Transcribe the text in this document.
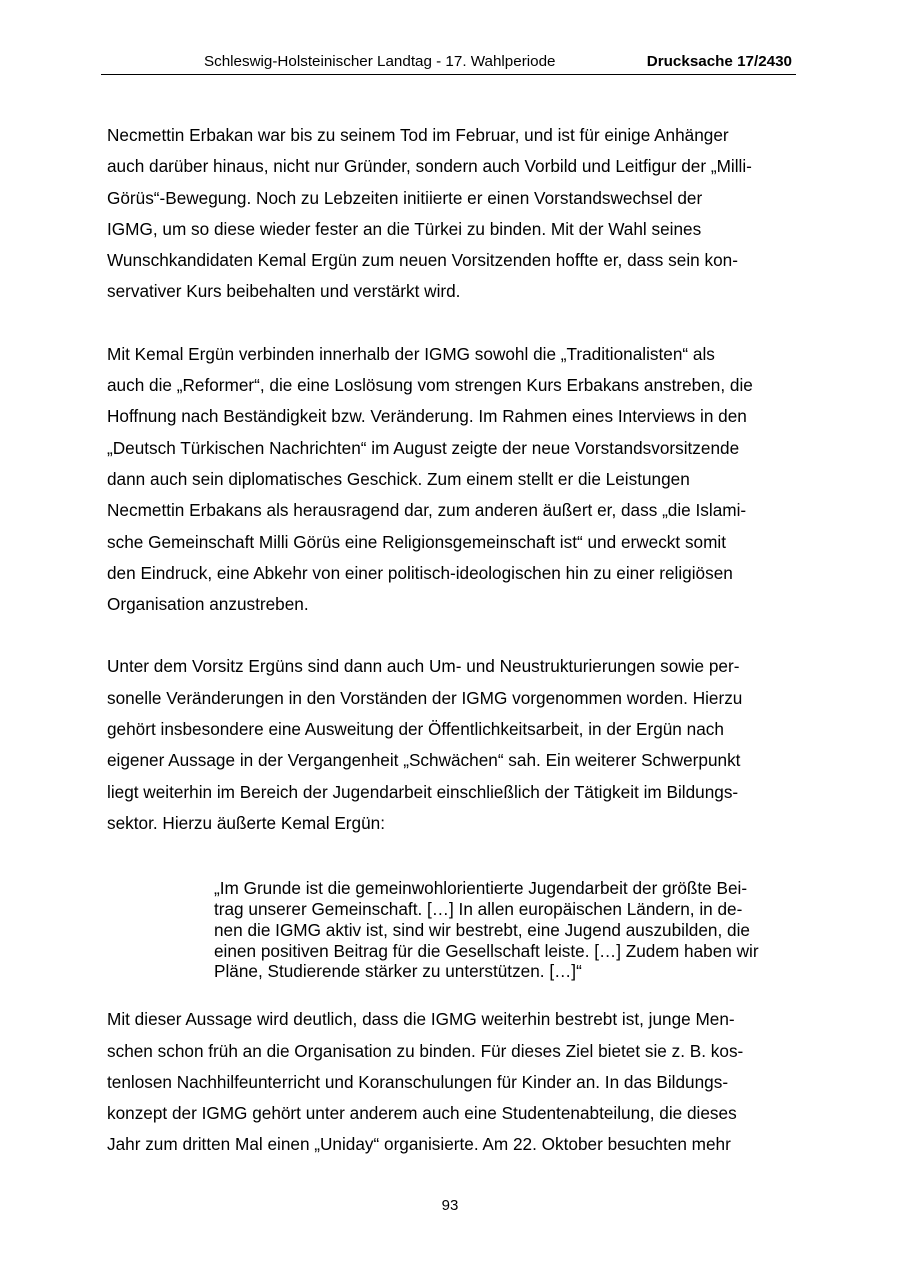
Schleswig-Holsteinischer Landtag - 17. Wahlperiode	Drucksache 17/2430

Necmettin Erbakan war bis zu seinem Tod im Februar, und ist für einige Anhänger
auch darüber hinaus, nicht nur Gründer, sondern auch Vorbild und Leitfigur der „Milli-
Görüs“-Bewegung. Noch zu Lebzeiten initiierte er einen Vorstandswechsel der
IGMG, um so diese wieder fester an die Türkei zu binden. Mit der Wahl seines
Wunschkandidaten Kemal Ergün zum neuen Vorsitzenden hoffte er, dass sein kon-
servativer Kurs beibehalten und verstärkt wird.

Mit Kemal Ergün verbinden innerhalb der IGMG sowohl die „Traditionalisten“ als
auch die „Reformer“, die eine Loslösung vom strengen Kurs Erbakans anstreben, die
Hoffnung nach Beständigkeit bzw. Veränderung. Im Rahmen eines Interviews in den
„Deutsch Türkischen Nachrichten“ im August zeigte der neue Vorstandsvorsitzende
dann auch sein diplomatisches Geschick. Zum einem stellt er die Leistungen
Necmettin Erbakans als herausragend dar, zum anderen äußert er, dass „die Islami-
sche Gemeinschaft Milli Görüs eine Religionsgemeinschaft ist“ und erweckt somit
den Eindruck, eine Abkehr von einer politisch-ideologischen hin zu einer religiösen
Organisation anzustreben.

Unter dem Vorsitz Ergüns sind dann auch Um- und Neustrukturierungen sowie per-
sonelle Veränderungen in den Vorständen der IGMG vorgenommen worden. Hierzu
gehört insbesondere eine Ausweitung der Öffentlichkeitsarbeit, in der Ergün nach
eigener Aussage in der Vergangenheit „Schwächen“ sah. Ein weiterer Schwerpunkt
liegt weiterhin im Bereich der Jugendarbeit einschließlich der Tätigkeit im Bildungs-
sektor. Hierzu äußerte Kemal Ergün:

„Im Grunde ist die gemeinwohlorientierte Jugendarbeit der größte Bei-
trag unserer Gemeinschaft. […] In allen europäischen Ländern, in de-
nen die IGMG aktiv ist, sind wir bestrebt, eine Jugend auszubilden, die
einen positiven Beitrag für die Gesellschaft leiste. […] Zudem haben wir
Pläne, Studierende stärker zu unterstützen. […]“

Mit dieser Aussage wird deutlich, dass die IGMG weiterhin bestrebt ist, junge Men-
schen schon früh an die Organisation zu binden. Für dieses Ziel bietet sie z. B. kos-
tenlosen Nachhilfeunterricht und Koranschulungen für Kinder an. In das Bildungs-
konzept der IGMG gehört unter anderem auch eine Studentenabteilung, die dieses
Jahr zum dritten Mal einen „Uniday“ organisierte. Am 22. Oktober besuchten mehr

93
